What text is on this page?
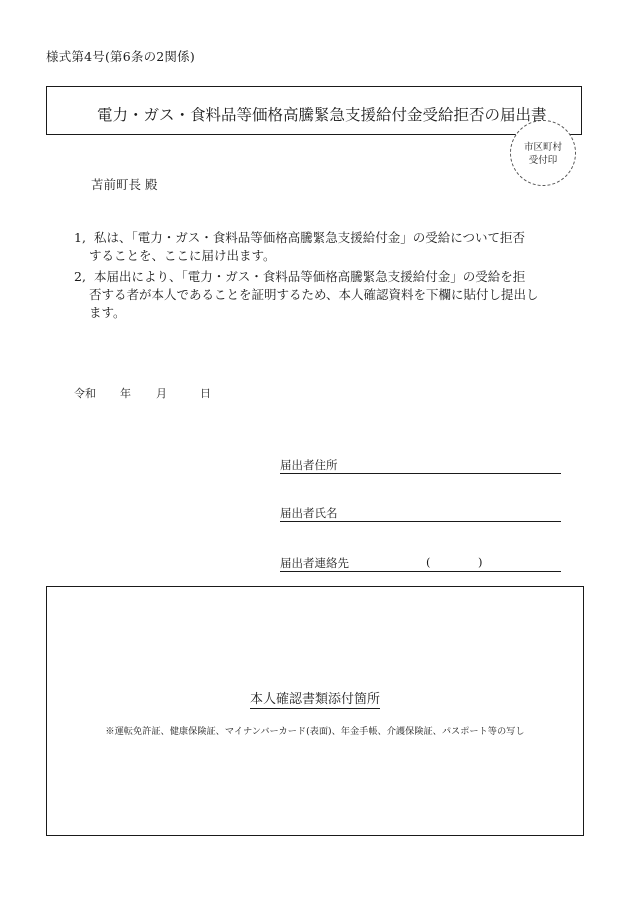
様式第4号(第6条の2関係)
電力・ガス・食料品等価格高騰緊急支援給付金受給拒否の届出書
市区町村
受付印
苫前町長 殿
1, 私は、「電力・ガス・食料品等価格高騰緊急支援給付金」の受給について拒否
することを、ここに届け出ます。
2, 本届出により、「電力・ガス・食料品等価格高騰緊急支援給付金」の受給を拒
否する者が本人であることを証明するため、本人確認資料を下欄に貼付し提出し
ます。
令和 年 月	日
届出者住所
届出者氏名
届出者連絡先	(	)
本人確認書類添付箇所
※運転免許証、健康保険証、マイナンバーカード(表面)、年金手帳、介護保険証、パスポート等の写し
